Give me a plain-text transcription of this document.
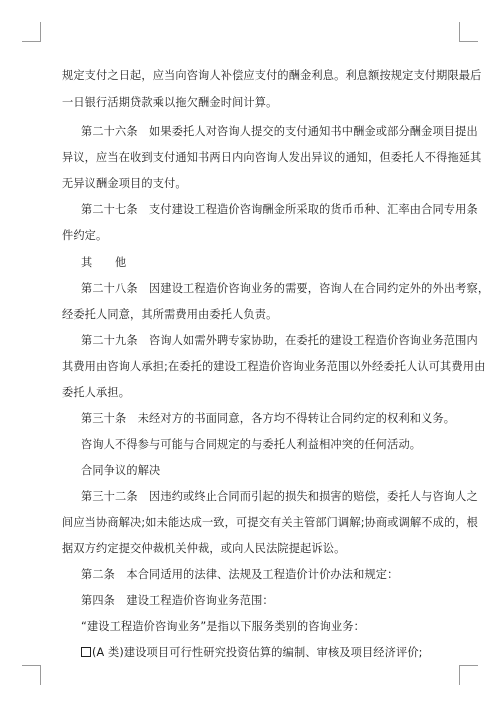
规定支付之日起，应当向咨询人补偿应支付的酬金利息。利息额按规定支付期限最后
一日银行活期贷款乘以拖欠酬金时间计算。
第二十六条　如果委托人对咨询人提交的支付通知书中酬金或部分酬金项目提出
异议，应当在收到支付通知书两日内向咨询人发出异议的通知，但委托人不得拖延其
无异议酬金项目的支付。
第二十七条　支付建设工程造价咨询酬金所采取的货币币种、汇率由合同专用条
件约定。
其　　他
第二十八条　因建设工程造价咨询业务的需要，咨询人在合同约定外的外出考察，
经委托人同意，其所需费用由委托人负责。
第二十九条　咨询人如需外聘专家协助，在委托的建设工程造价咨询业务范围内
其费用由咨询人承担;在委托的建设工程造价咨询业务范围以外经委托人认可其费用由
委托人承担。
第三十条　未经对方的书面同意，各方均不得转让合同约定的权利和义务。
咨询人不得参与可能与合同规定的与委托人利益相冲突的任何活动。
合同争议的解决
第三十二条　因违约或终止合同而引起的损失和损害的赔偿，委托人与咨询人之
间应当协商解决;如未能达成一致，可提交有关主管部门调解;协商或调解不成的，根
据双方约定提交仲裁机关仲裁，或向人民法院提起诉讼。
第二条　本合同适用的法律、法规及工程造价计价办法和规定：
第四条　建设工程造价咨询业务范围：
“建设工程造价咨询业务”是指以下服务类别的咨询业务：
(A 类)建设项目可行性研究投资估算的编制、审核及项目经济评价;
